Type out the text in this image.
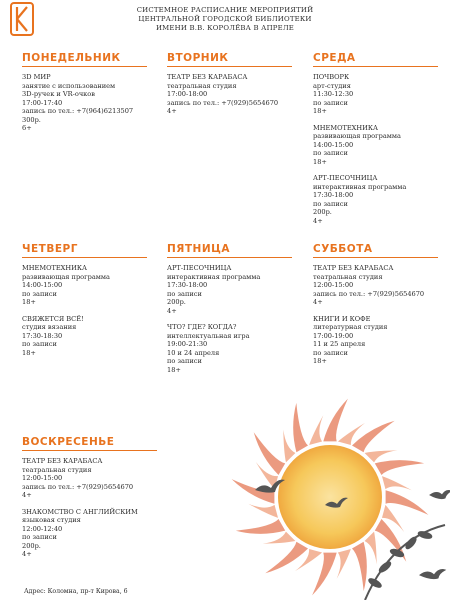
СИСТЕМНОЕ РАСПИСАНИЕ МЕРОПРИЯТИЙ
ЦЕНТРАЛЬНОЙ ГОРОДСКОЙ БИБЛИОТЕКИ
ИМЕНИ В.В. КОРОЛЁВА В АПРЕЛЕ
ПОНЕДЕЛЬНИК
3D МИР
занятие с использованием
3D-ручек и VR-очков
17:00-17:40
запись по тел.: +7(964)6213507
300р.
6+
ВТОРНИК
ТЕАТР БЕЗ КАРАБАСА
театральная студия
17:00-18:00
запись по тел.: +7(929)5654670
4+
СРЕДА
ПОЧВОРК
арт-студия
11:30-12:30
по записи
18+
МНЕМОТЕХНИКА
развивающая программа
14:00-15:00
по записи
18+
АРТ-ПЕСОЧНИЦА
интерактивная программа
17:30-18:00
по записи
200р.
4+
ЧЕТВЕРГ
МНЕМОТЕХНИКА
развивающая программа
14:00-15:00
по записи
18+
СВЯЖЕТСЯ ВСЁ!
студия вязания
17:30-18:30
по записи
18+
ПЯТНИЦА
АРТ-ПЕСОЧНИЦА
интерактивная программа
17:30-18:00
по записи
200р.
4+
ЧТО? ГДЕ? КОГДА?
интеллектуальная игра
19:00-21:30
10 и 24 апреля
по записи
18+
СУББОТА
ТЕАТР БЕЗ КАРАБАСА
театральная студия
12:00-15:00
запись по тел.: +7(929)5654670
4+
КНИГИ И КОФЕ
литературная студия
17:00-19:00
11 и 25 апреля
по записи
18+
ВОСКРЕСЕНЬЕ
ТЕАТР БЕЗ КАРАБАСА
театральная студия
12:00-15:00
запись по тел.: +7(929)5654670
4+
ЗНАКОМСТВО С АНГЛИЙСКИМ
языковая студия
12:00-12:40
по записи
200р.
4+
Адрес: Коломна, пр-т Кирова, 6
